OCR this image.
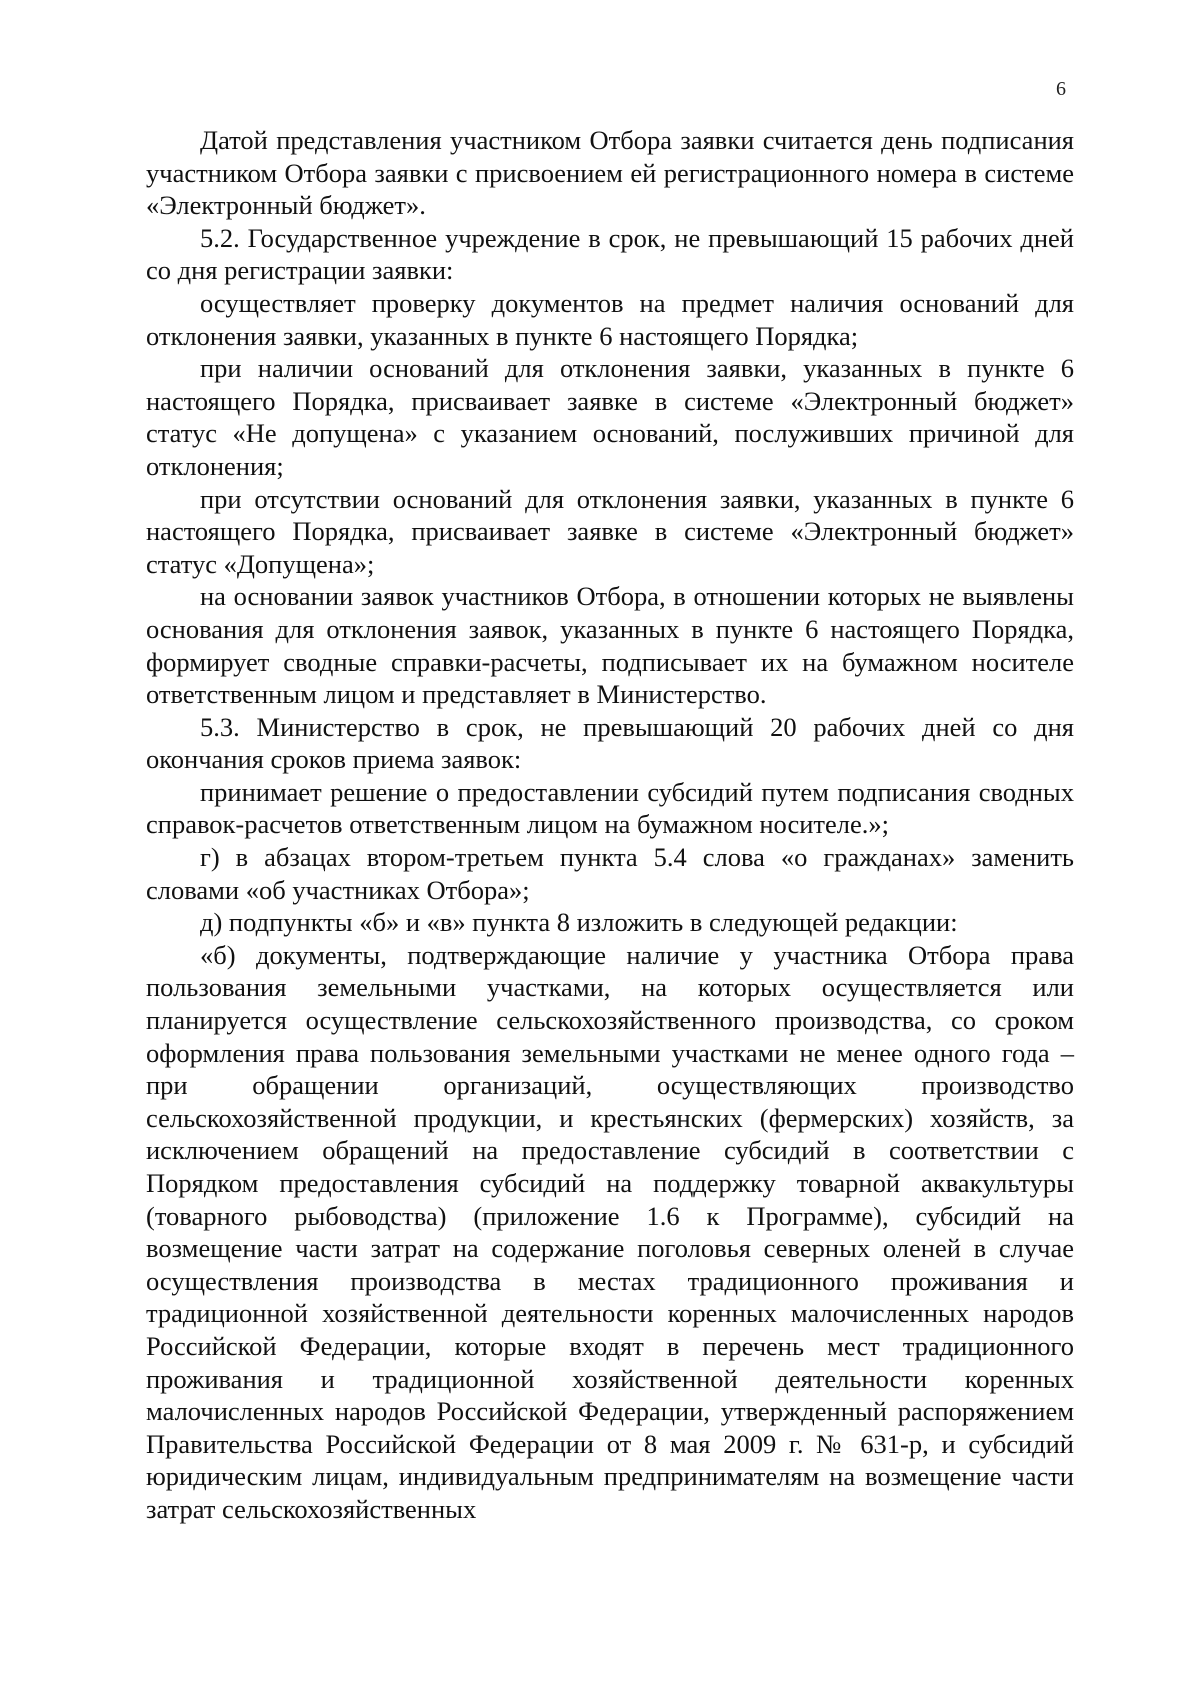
6

Датой представления участником Отбора заявки считается день подписания участником Отбора заявки с присвоением ей регистрационного номера в системе «Электронный бюджет».

5.2. Государственное учреждение в срок, не превышающий 15 рабочих дней со дня регистрации заявки:

осуществляет проверку документов на предмет наличия оснований для отклонения заявки, указанных в пункте 6 настоящего Порядка;

при наличии оснований для отклонения заявки, указанных в пункте 6 настоящего Порядка, присваивает заявке в системе «Электронный бюджет» статус «Не допущена» с указанием оснований, послуживших причиной для отклонения;

при отсутствии оснований для отклонения заявки, указанных в пункте 6 настоящего Порядка, присваивает заявке в системе «Электронный бюджет» статус «Допущена»;

на основании заявок участников Отбора, в отношении которых не выявлены основания для отклонения заявок, указанных в пункте 6 настоящего Порядка, формирует сводные справки-расчеты, подписывает их на бумажном носителе ответственным лицом и представляет в Министерство.

5.3. Министерство в срок, не превышающий 20 рабочих дней со дня окончания сроков приема заявок:

принимает решение о предоставлении субсидий путем подписания сводных справок-расчетов ответственным лицом на бумажном носителе.»;

г) в абзацах втором-третьем пункта 5.4 слова «о гражданах» заменить словами «об участниках Отбора»;

д) подпункты «б» и «в» пункта 8 изложить в следующей редакции:

«б) документы, подтверждающие наличие у участника Отбора права пользования земельными участками, на которых осуществляется или планируется осуществление сельскохозяйственного производства, со сроком оформления права пользования земельными участками не менее одного года – при обращении организаций, осуществляющих производство сельскохозяйственной продукции, и крестьянских (фермерских) хозяйств, за исключением обращений на предоставление субсидий в соответствии с Порядком предоставления субсидий на поддержку товарной аквакультуры (товарного рыбоводства) (приложение 1.6 к Программе), субсидий на возмещение части затрат на содержание поголовья северных оленей в случае осуществления производства в местах традиционного проживания и традиционной хозяйственной деятельности коренных малочисленных народов Российской Федерации, которые входят в перечень мест традиционного проживания и традиционной хозяйственной деятельности коренных малочисленных народов Российской Федерации, утвержденный распоряжением Правительства Российской Федерации от 8 мая 2009 г. № 631-р, и субсидий юридическим лицам, индивидуальным предпринимателям на возмещение части затрат сельскохозяйственных
